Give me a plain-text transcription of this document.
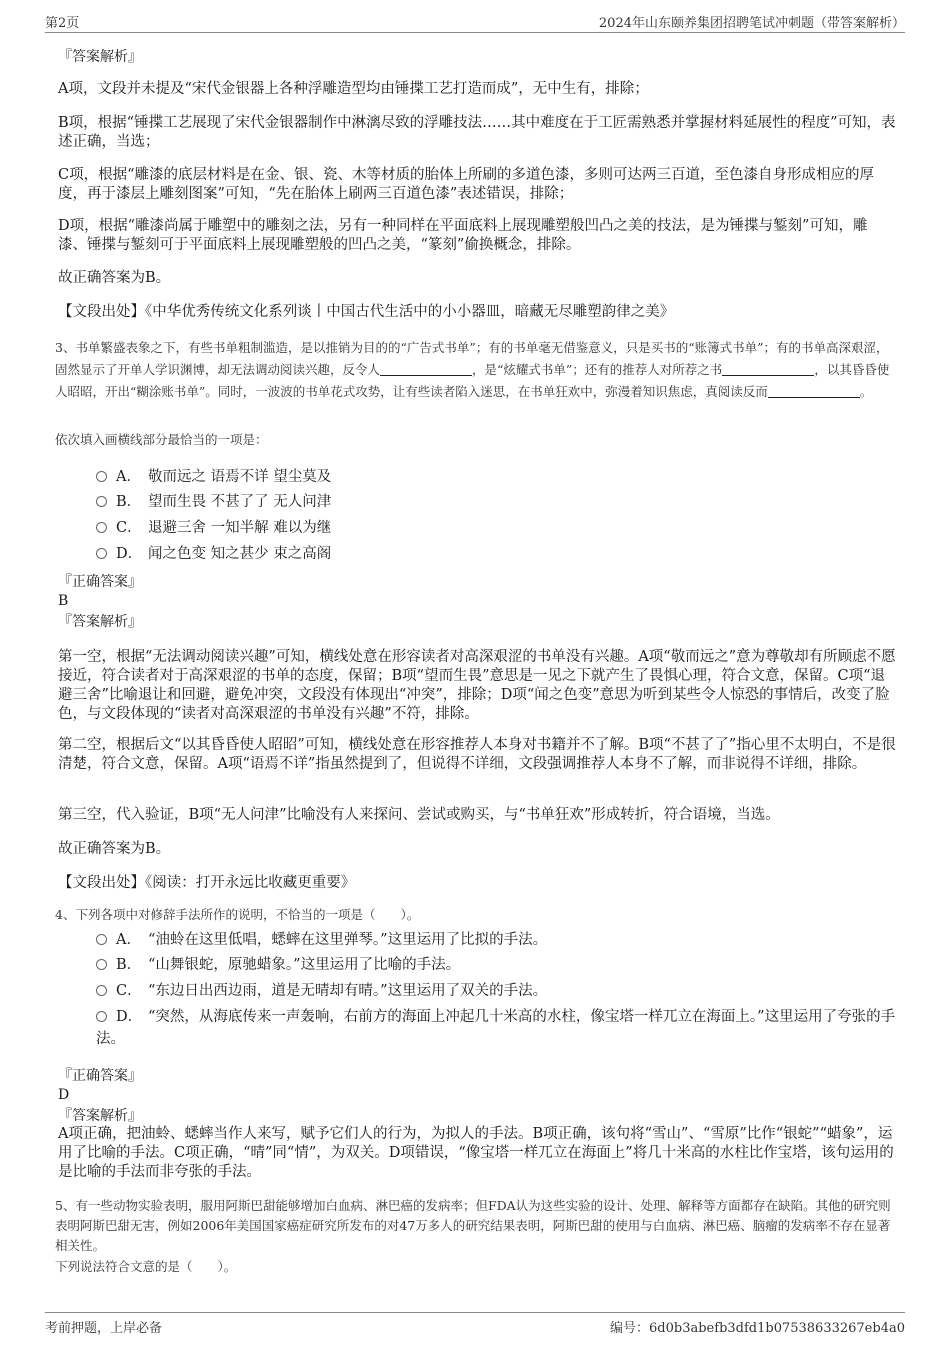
第2页	2024年山东颐养集团招聘笔试冲刺题（带答案解析）

『答案解析』

A项，文段并未提及“宋代金银器上各种浮雕造型均由锤揲工艺打造而成”，无中生有，排除；

B项，根据“锤揲工艺展现了宋代金银器制作中淋漓尽致的浮雕技法……其中难度在于工匠需熟悉并掌握材料延展性的程度”可知，表述正确，当选；

C项，根据“雕漆的底层材料是在金、银、瓷、木等材质的胎体上所刷的多道色漆，多则可达两三百道，至色漆自身形成相应的厚度，再于漆层上雕刻图案”可知，“先在胎体上刷两三百道色漆”表述错误，排除；

D项，根据“雕漆尚属于雕塑中的雕刻之法，另有一种同样在平面底料上展现雕塑般凹凸之美的技法，是为锤揲与錾刻”可知，雕漆、锤揲与錾刻可于平面底料上展现雕塑般的凹凸之美，“篆刻”偷换概念，排除。

故正确答案为B。

【文段出处】《中华优秀传统文化系列谈丨中国古代生活中的小小器皿，暗藏无尽雕塑韵律之美》

3、书单繁盛表象之下，有些书单粗制滥造，是以推销为目的的“广告式书单”；有的书单毫无借鉴意义，只是买书的“账簿式书单”；有的书单高深艰涩，固然显示了开单人学识渊博，却无法调动阅读兴趣，反令人	，是“炫耀式书单”；还有的推荐人对所荐之书	，以其昏昏使人昭昭，开出“糊涂账书单”。同时，一波波的书单花式攻势，让有些读者陷入迷思，在书单狂欢中，弥漫着知识焦虑，真阅读反而	。

依次填入画横线部分最恰当的一项是：

A． 敬而远之 语焉不详 望尘莫及

B． 望而生畏 不甚了了 无人问津

C． 退避三舍 一知半解 难以为继

D． 闻之色变 知之甚少 束之高阁

『正确答案』

B

『答案解析』

第一空，根据“无法调动阅读兴趣”可知，横线处意在形容读者对高深艰涩的书单没有兴趣。A项“敬而远之”意为尊敬却有所顾虑不愿接近，符合读者对于高深艰涩的书单的态度，保留；B项“望而生畏”意思是一见之下就产生了畏惧心理，符合文意，保留。C项“退避三舍”比喻退让和回避，避免冲突，文段没有体现出“冲突”，排除；D项“闻之色变”意思为听到某些令人惊恐的事情后，改变了脸色，与文段体现的“读者对高深艰涩的书单没有兴趣”不符，排除。

第二空，根据后文“以其昏昏使人昭昭”可知，横线处意在形容推荐人本身对书籍并不了解。B项“不甚了了”指心里不太明白，不是很清楚，符合文意，保留。A项“语焉不详”指虽然提到了，但说得不详细，文段强调推荐人本身不了解，而非说得不详细，排除。

第三空，代入验证，B项“无人问津”比喻没有人来探问、尝试或购买，与“书单狂欢”形成转折，符合语境，当选。

故正确答案为B。

【文段出处】《阅读：打开永远比收藏更重要》

4、下列各项中对修辞手法所作的说明，不恰当的一项是（　　）。

A． “油蛉在这里低唱，蟋蟀在这里弹琴。”这里运用了比拟的手法。

B． “山舞银蛇，原驰蜡象。”这里运用了比喻的手法。

C． “东边日出西边雨，道是无晴却有晴。”这里运用了双关的手法。

D． “突然，从海底传来一声轰响，右前方的海面上冲起几十米高的水柱，像宝塔一样兀立在海面上。”这里运用了夸张的手法。

『正确答案』

D

『答案解析』

A项正确，把油蛉、蟋蟀当作人来写，赋予它们人的行为，为拟人的手法。B项正确，该句将“雪山”、“雪原”比作“银蛇”“蜡象”，运用了比喻的手法。C项正确，“晴”同“情”，为双关。D项错误，“像宝塔一样兀立在海面上”将几十米高的水柱比作宝塔，该句运用的是比喻的手法而非夸张的手法。

5、有一些动物实验表明，服用阿斯巴甜能够增加白血病、淋巴癌的发病率；但FDA认为这些实验的设计、处理、解释等方面都存在缺陷。其他的研究则表明阿斯巴甜无害，例如2006年美国国家癌症研究所发布的对47万多人的研究结果表明，阿斯巴甜的使用与白血病、淋巴癌、脑瘤的发病率不存在显著相关性。

下列说法符合文意的是（　　）。

考前押题，上岸必备	编号：6d0b3abefb3dfd1b07538633267eb4a0
